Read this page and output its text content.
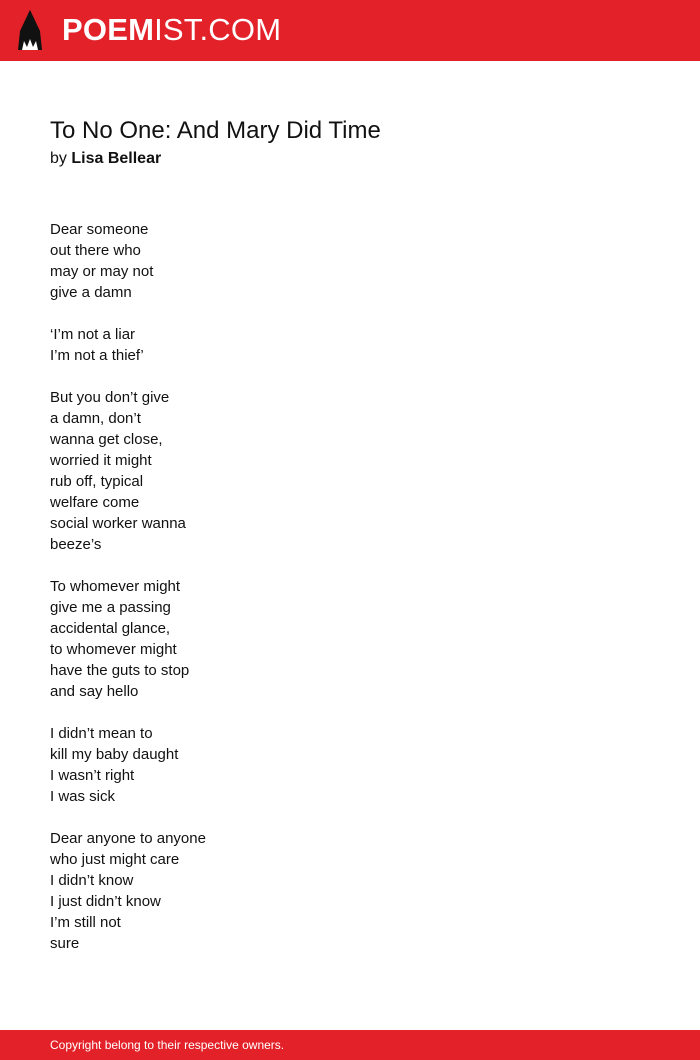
POEMIST.COM
To No One: And Mary Did Time
by Lisa Bellear
Dear someone
out there who
may or may not
give a damn
‘I’m not a liar
I’m not a thief’
But you don’t give
a damn, don’t
wanna get close,
worried it might
rub off, typical
welfare come
social worker wanna
beeze’s
To whomever might
give me a passing
accidental glance,
to whomever might
have the guts to stop
and say hello
I didn’t mean to
kill my baby daught
I wasn’t right
I was sick
Dear anyone to anyone
who just might care
I didn’t know
I just didn’t know
I’m still not
sure
Copyright belong to their respective owners.
